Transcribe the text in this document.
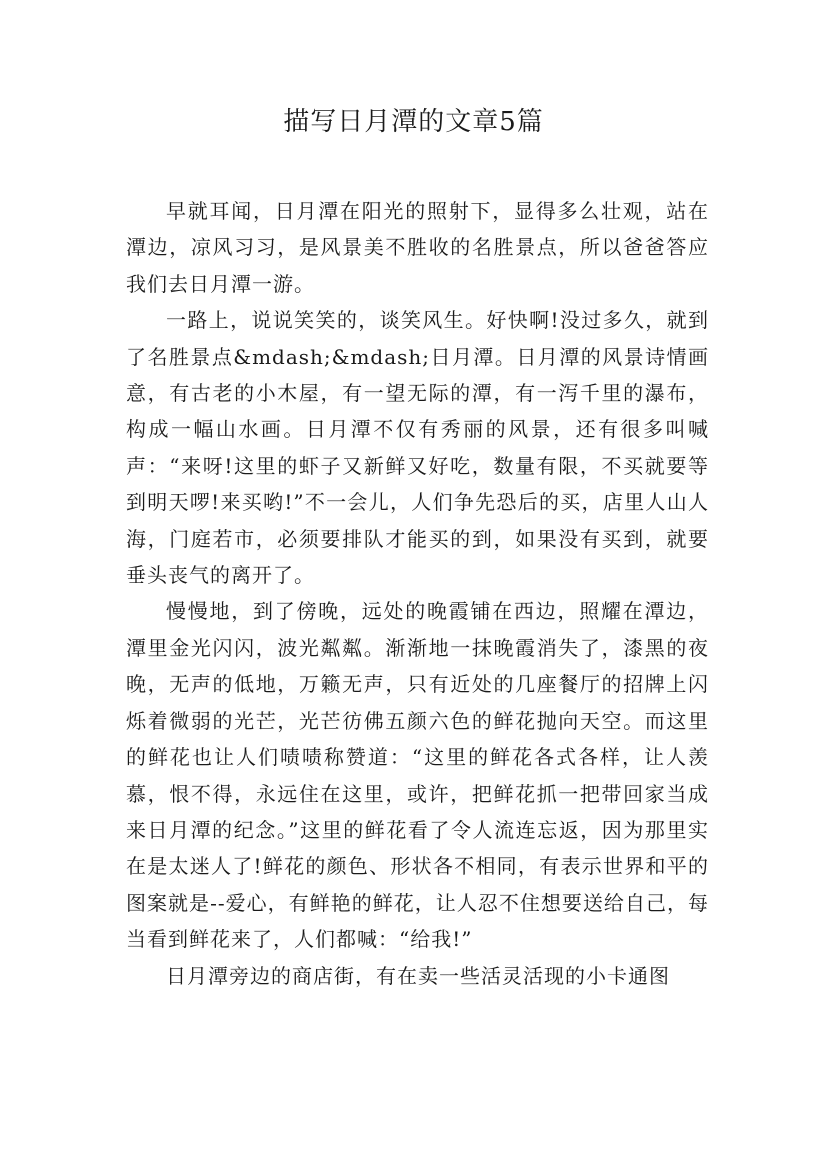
描写日月潭的文章5篇

早就耳闻，日月潭在阳光的照射下，显得多么壮观，站在潭边，凉风习习，是风景美不胜收的名胜景点，所以爸爸答应我们去日月潭一游。

一路上，说说笑笑的，谈笑风生。好快啊!没过多久，就到了名胜景点&mdash;&mdash;日月潭。日月潭的风景诗情画意，有古老的小木屋，有一望无际的潭，有一泻千里的瀑布，构成一幅山水画。日月潭不仅有秀丽的风景，还有很多叫喊声：“来呀!这里的虾子又新鲜又好吃，数量有限，不买就要等到明天啰!来买哟!”不一会儿，人们争先恐后的买，店里人山人海，门庭若市，必须要排队才能买的到，如果没有买到，就要垂头丧气的离开了。

慢慢地，到了傍晚，远处的晚霞铺在西边，照耀在潭边，潭里金光闪闪，波光粼粼。渐渐地一抹晚霞消失了，漆黑的夜晚，无声的低地，万籁无声，只有近处的几座餐厅的招牌上闪烁着微弱的光芒，光芒彷佛五颜六色的鲜花抛向天空。而这里的鲜花也让人们啧啧称赞道：“这里的鲜花各式各样，让人羡慕，恨不得，永远住在这里，或许，把鲜花抓一把带回家当成来日月潭的纪念。”这里的鲜花看了令人流连忘返，因为那里实在是太迷人了!鲜花的颜色、形状各不相同，有表示世界和平的图案就是--爱心，有鲜艳的鲜花，让人忍不住想要送给自己，每当看到鲜花来了，人们都喊：“给我!”

日月潭旁边的商店街，有在卖一些活灵活现的小卡通图
